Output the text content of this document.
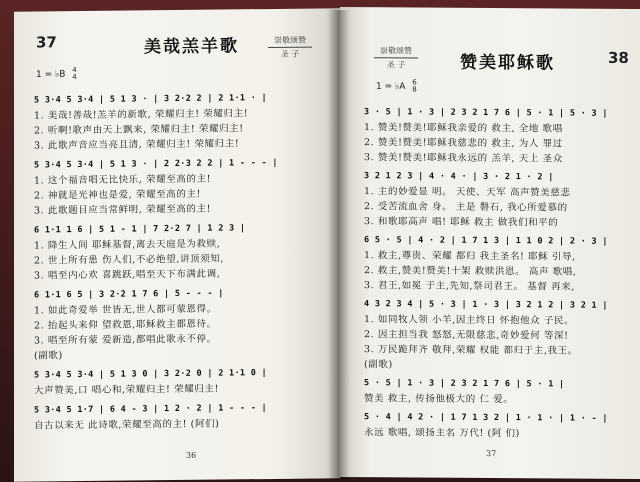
37	美哉羔羊歌	崇敬颂赞
圣 子
1 = ♭B 4
4
5 3·4 5 3·4 | 5 1 3 · | 3 2·2 2 | 2 1·1 · |
1. 美哉!善哉!羔羊的新歌, 荣耀归主! 荣耀归主!
2. 听啊!歌声由天上飘来, 荣耀归主! 荣耀归主!
3. 此歌声音应当亮且清, 荣耀归主! 荣耀归主!
5 3·4 5 3·4 | 5 1 3 · | 2 2·3 2 2 | 1 - - - |
1. 这个福音唱无比快乐, 荣耀至高的主!
2. 神就是光神也是爱, 荣耀至高的主!
3. 此歌题目应当常鲜明, 荣耀至高的主!
6 1·1 1 6 | 5 1 - 1 | 7 2·2 7 | 1 2 3 |
1. 降生人间 耶稣基督,离去天庭是为救赎,
2. 世上所有患 伤人们,不必绝望,讲顶须知,
3. 唱至内心欢 喜跳跃,唱至天下布满此调,
6 1·1 6 5 | 3 2·2 1 7 6 | 5 - - - |
1. 如此奇爱举 世皆无,世人都可蒙恩得。
2. 抬起头来仰 望救恩,耶稣救主都恩待。
3. 唱至所有蒙 爱新造,都唱此歌永不停。
(副歌)
5 3·4 5 3·4 | 5 1 3 0 | 3 2·2 0 | 2 1·1 0 |
大声赞美,口 唱心和,荣耀归主! 荣耀归主!
5 3·4 5 1·7 | 6 4 - 3 | 1 2 · 2 | 1 - - - |
自古以来无 此诗歌,荣耀至高的主! (阿们)
36
崇敬颂赞
圣 子	赞美耶稣歌	38
1 = ♭A 6
8
3 · 5 | 1 · 3 | 2 3 2 1 7 6 | 5 · 1 | 5 · 3 |
1. 赞美!赞美!耶稣我亲爱的 救主, 全地 歌唱
2. 赞美!赞美!耶稣我慈悲的 救主, 为人 罪过
3. 赞美!赞美!耶稣我永远的 羔羊, 天上 圣众
3 2 1 2 3 | 4 · 4 · | 3 · 2 1 · 2 |
1. 主的妙爱显 明。 天使、天军 高声赞美慈悲
2. 受苦流血舍 身。 主是 磐石, 我心所爱慕的
3. 和歌耶高声 唱! 耶稣 救主 做我们和平的
6 5 · 5 | 4 · 2 | 1 7 1 3 | 1 1 0 2 | 2 · 3 |
1. 救主,尊贵、荣耀 都归 我主圣名! 耶稣 引导,
2. 救主,赞美!赞美!十架 救赎洪恩。 高声 歌唱,
3. 君王,如冕 于主,先知,祭司君王。 基督 再来,
4 3 2 3 4 | 5 · 3 | 1 · 3 | 3 2 1 2 | 3 2 1 |
1. 如同牧人领 小羊,因主终日 怀抱他众 子民。
2. 因主担当我 怒怒,无限慈悲,奇妙爱何 等深!
3. 万民跪拜齐 敬拜,荣耀 权能 都归于主,我王。
(副歌)
5 · 5 | 1 · 3 | 2 3 2 1 7 6 | 5 · 1 |
赞美 救主, 传扬他极大的 仁 爱。
5 · 4 | 4 2 · | 1 7 1 3 2 | 1 · 1 · | 1 · - |
永远 歌唱, 颂扬主名 万代! (阿 们)
37
